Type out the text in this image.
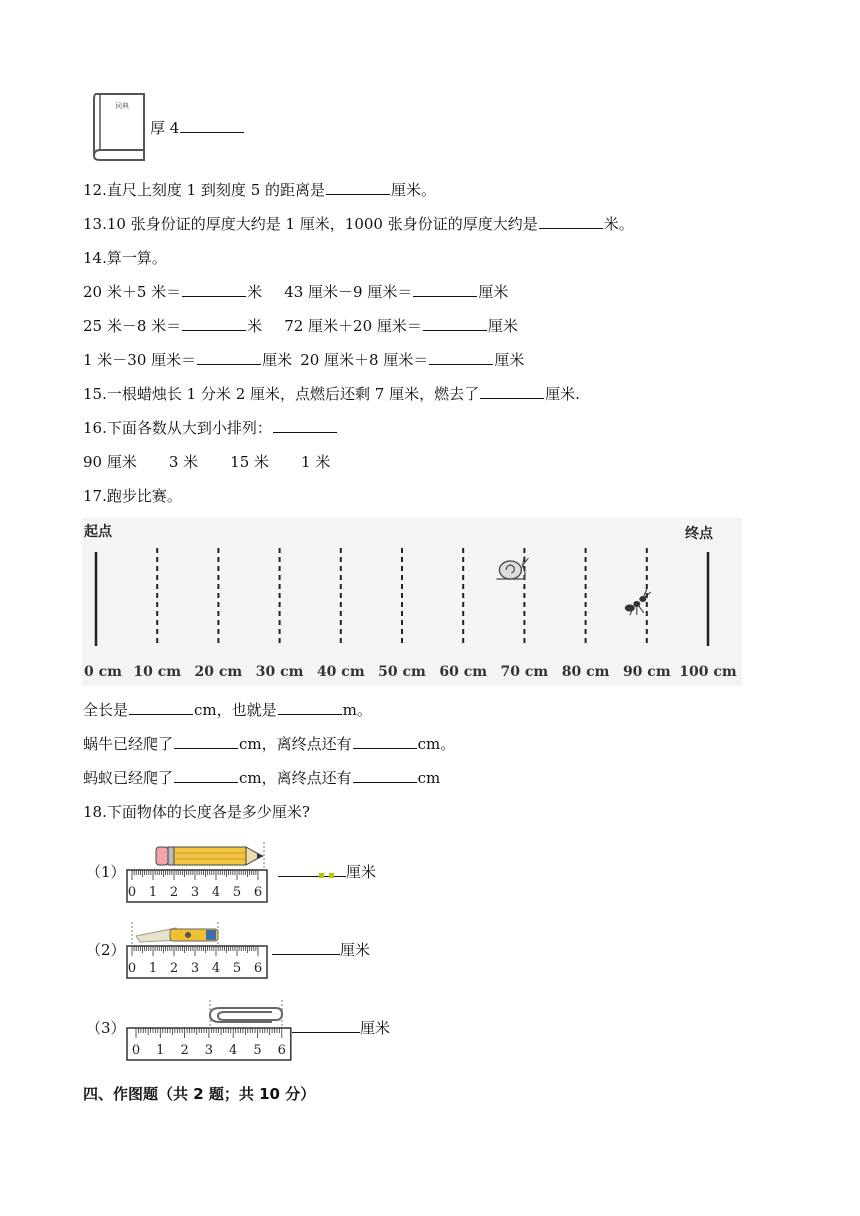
词典
厚 4
12.直尺上刻度 1 到刻度 5 的距离是	厘米。
13.10 张身份证的厚度大约是 1 厘米，1000 张身份证的厚度大约是	米。
14.算一算。
20 米＋5 米＝	米 43 厘米－9 厘米＝	厘米
25 米－8 米＝	米 72 厘米＋20 厘米＝	厘米
1 米－30 厘米＝	厘米 20 厘米＋8 厘米＝	厘米
15.一根蜡烛长 1 分米 2 厘米，点燃后还剩 7 厘米，燃去了	厘米.
16.下面各数从大到小排列：
90 厘米 3 米 15 米 1 米
17.跑步比赛。
起点	终点
0 cm 10 cm 20 cm 30 cm 40 cm 50 cm 60 cm 70 cm 80 cm 90 cm 100 cm
全长是	cm，也就是	m。
蜗牛已经爬了	cm，离终点还有	cm。
蚂蚁已经爬了	cm，离终点还有	cm
18.下面物体的长度各是多少厘米?
（1）
0 1 2 3 4 5 6
▪ ▪ 厘米
（2）
0 1 2 3 4 5 6
厘米
（3）
0 1 2 3 4 5 6
厘米
四、作图题（共 2 题；共 10 分）
